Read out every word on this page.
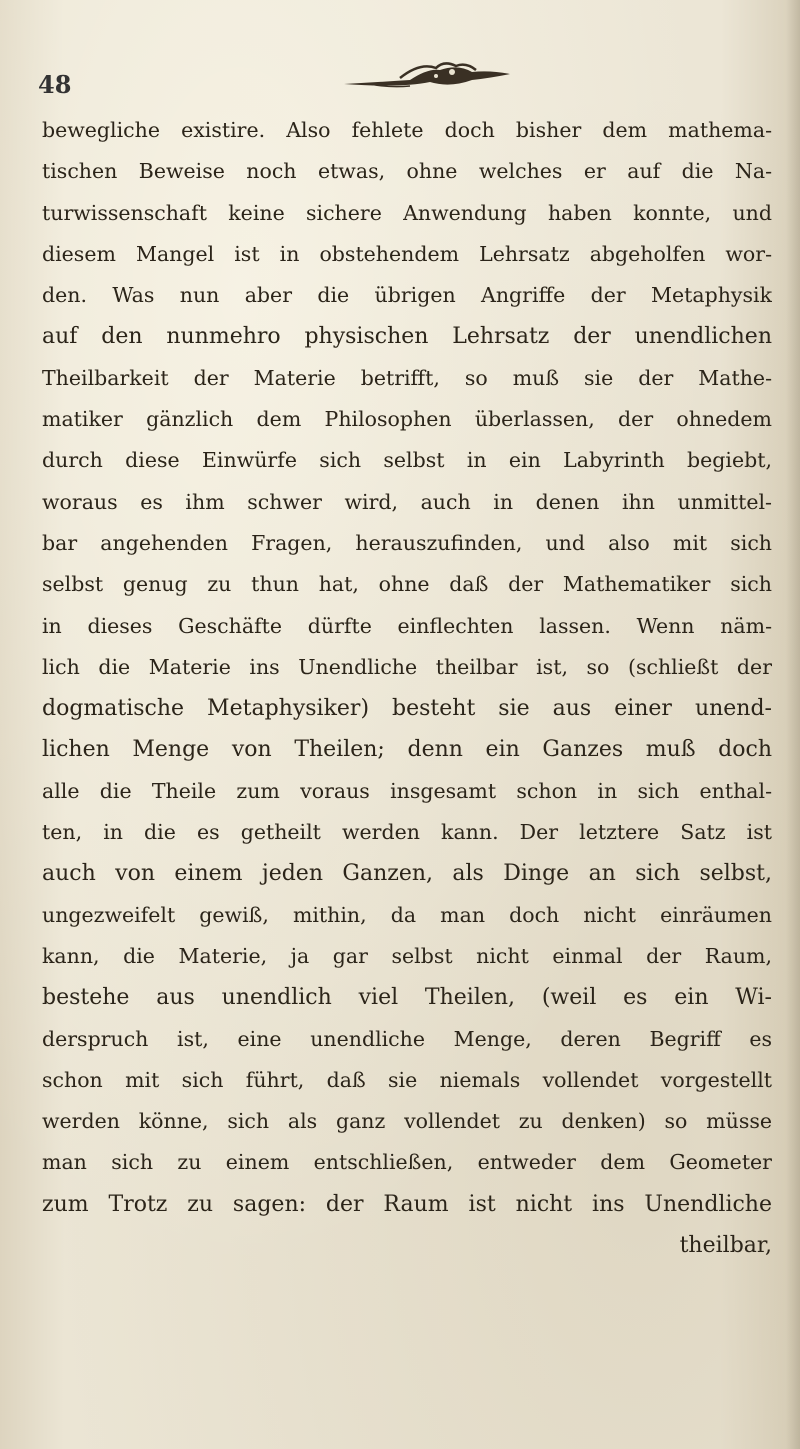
48
bewegliche existire. Also fehlete doch bisher dem mathema-
tischen Beweise noch etwas, ohne welches er auf die Na-
turwissenschaft keine sichere Anwendung haben konnte, und
diesem Mangel ist in obstehendem Lehrsatz abgeholfen wor-
den. Was nun aber die übrigen Angriffe der Metaphysik
auf den nunmehro physischen Lehrsatz der unendlichen
Theilbarkeit der Materie betrifft, so muß sie der Mathe-
matiker gänzlich dem Philosophen überlassen, der ohnedem
durch diese Einwürfe sich selbst in ein Labyrinth begiebt,
woraus es ihm schwer wird, auch in denen ihn unmittel-
bar angehenden Fragen, herauszufinden, und also mit sich
selbst genug zu thun hat, ohne daß der Mathematiker sich
in dieses Geschäfte dürfte einflechten lassen. Wenn näm-
lich die Materie ins Unendliche theilbar ist, so (schließt der
dogmatische Metaphysiker) besteht sie aus einer unend-
lichen Menge von Theilen; denn ein Ganzes muß doch
alle die Theile zum voraus insgesamt schon in sich enthal-
ten, in die es getheilt werden kann. Der letztere Satz ist
auch von einem jeden Ganzen, als Dinge an sich selbst,
ungezweifelt gewiß, mithin, da man doch nicht einräumen
kann, die Materie, ja gar selbst nicht einmal der Raum,
bestehe aus unendlich viel Theilen, (weil es ein Wi-
derspruch ist, eine unendliche Menge, deren Begriff es
schon mit sich führt, daß sie niemals vollendet vorgestellt
werden könne, sich als ganz vollendet zu denken) so müsse
man sich zu einem entschließen, entweder dem Geometer
zum Trotz zu sagen: der Raum ist nicht ins Unendliche
theilbar,
